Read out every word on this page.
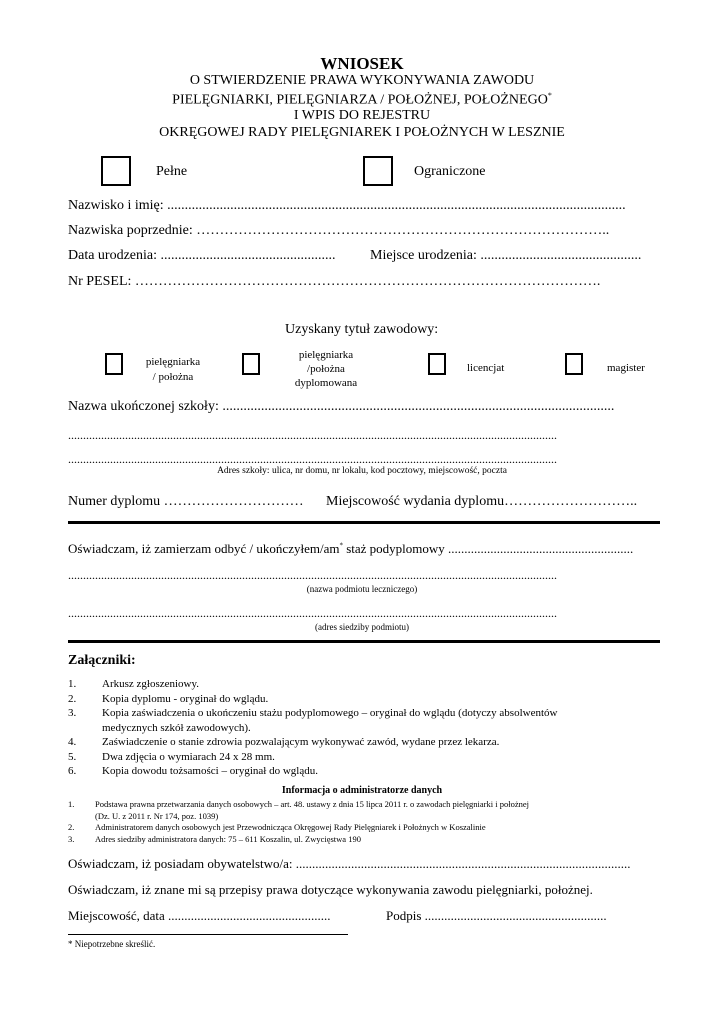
WNIOSEK
O STWIERDZENIE PRAWA WYKONYWANIA ZAWODU
PIELĘGNIARKI, PIELĘGNIARZA / POŁOŻNEJ, POŁOŻNEGO*
I WPIS DO REJESTRU
OKRĘGOWEJ RADY PIELĘGNIAREK I POŁOŻNYCH W LESZNIE
Pełne	Ograniczone
Nazwisko i imię: ...................................................................................................................................
Nazwiska poprzednie: ……………………………………………………………………………..
Data urodzenia: .................................................. Miejsce urodzenia: ..............................................
Nr PESEL: ……………………………………………………………………………………….
Uzyskany tytuł zawodowy:
pielęgniarka
/ położna
pielęgniarka
/położna
dyplomowana
licencjat	magister
Nazwa ukończonej szkoły: ................................................................................................................
...................................................................................................................................................................
...................................................................................................................................................................
Adres szkoły: ulica, nr domu, nr lokalu, kod pocztowy, miejscowość, poczta
Numer dyplomu ………………………… Miejscowość wydania dyplomu………………………..
Oświadczam, iż zamierzam odbyć / ukończyłem/am* staż podyplomowy .........................................................
...................................................................................................................................................................
(nazwa podmiotu leczniczego)
...................................................................................................................................................................
(adres siedziby podmiotu)
Załączniki:
1. Arkusz zgłoszeniowy.
2. Kopia dyplomu - oryginał do wglądu.
3. Kopia zaświadczenia o ukończeniu stażu podyplomowego – oryginał do wglądu (dotyczy absolwentów
medycznych szkół zawodowych).
4. Zaświadczenie o stanie zdrowia pozwalającym wykonywać zawód, wydane przez lekarza.
5. Dwa zdjęcia o wymiarach 24 x 28 mm.
6. Kopia dowodu tożsamości – oryginał do wglądu.
Informacja o administratorze danych
1. Podstawa prawna przetwarzania danych osobowych – art. 48. ustawy z dnia 15 lipca 2011 r. o zawodach pielęgniarki i położnej
(Dz. U. z 2011 r. Nr 174, poz. 1039)
2. Administratorem danych osobowych jest Przewodnicząca Okręgowej Rady Pielęgniarek i Położnych w Koszalinie
3. Adres siedziby administratora danych: 75 – 611 Koszalin, ul. Zwycięstwa 190
Oświadczam, iż posiadam obywatelstwo/a: .......................................................................................................
Oświadczam, iż znane mi są przepisy prawa dotyczące wykonywania zawodu pielęgniarki, położnej.
Miejscowość, data ..................................................	Podpis ........................................................
* Niepotrzebne skreślić.
